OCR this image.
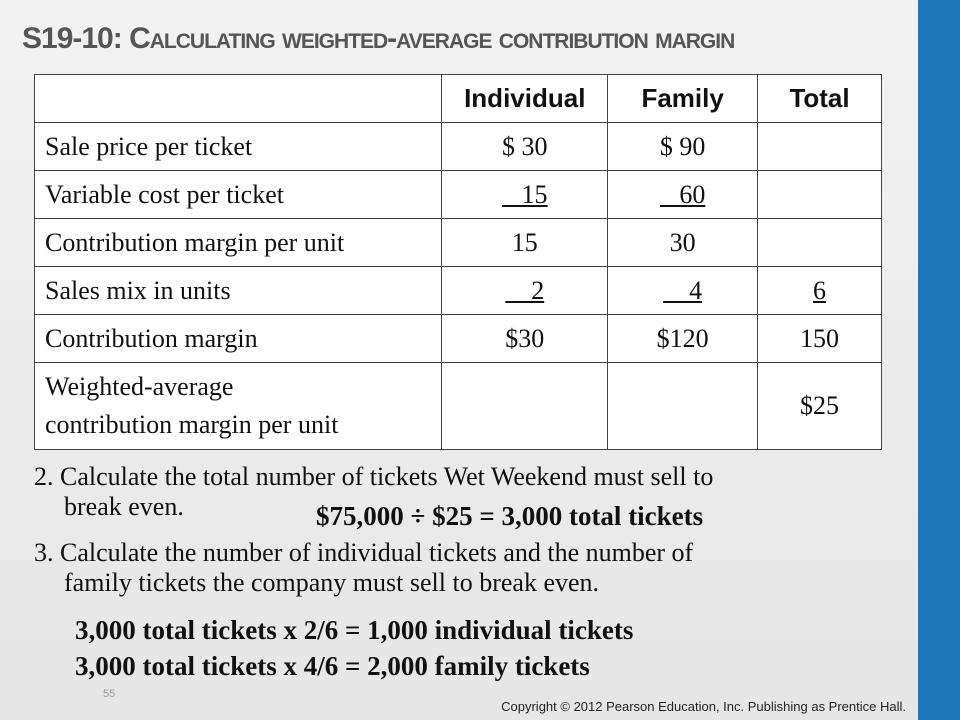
S19-10: Calculating weighted-average contribution margin
	Individual	Family	Total
Sale price per ticket	$ 30	$ 90	
Variable cost per ticket	15	60	
Contribution margin per unit	15	30	
Sales mix in units	2	4	6
Contribution margin	$30	$120	150
Weighted-average
contribution margin per unit			$25
2. Calculate the total number of tickets Wet Weekend must sell to
break even.	$75,000 ÷ $25 = 3,000 total tickets
3. Calculate the number of individual tickets and the number of
family tickets the company must sell to break even.
3,000 total tickets x 2/6 = 1,000 individual tickets
3,000 total tickets x 4/6 = 2,000 family tickets
55
Copyright © 2012 Pearson Education, Inc. Publishing as Prentice Hall.
